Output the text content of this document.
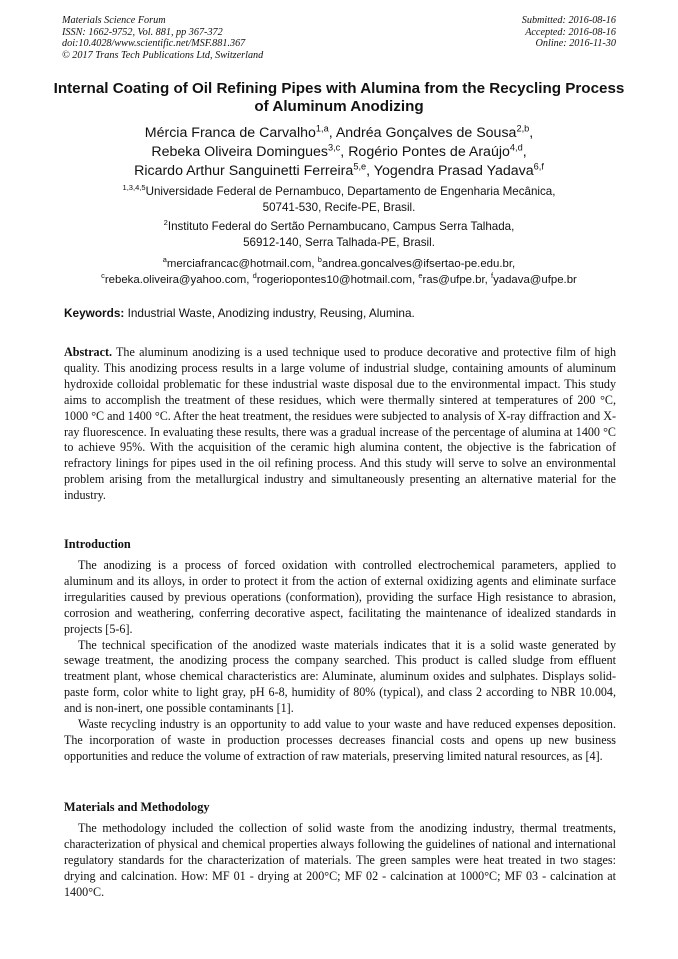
Materials Science Forum
ISSN: 1662-9752, Vol. 881, pp 367-372
doi:10.4028/www.scientific.net/MSF.881.367
© 2017 Trans Tech Publications Ltd, Switzerland
Submitted: 2016-08-16
Accepted: 2016-08-16
Online: 2016-11-30
Internal Coating of Oil Refining Pipes with Alumina from the Recycling Process of Aluminum Anodizing
Mércia Franca de Carvalho$^{1,a}$, Andréa Gonçalves de Sousa$^{2,b}$,
Rebeka Oliveira Domingues$^{3,c}$, Rogério Pontes de Araújo$^{4,d}$,
Ricardo Arthur Sanguinetti Ferreira$^{5,e}$, Yogendra Prasad Yadava$^{6,f}$
$^{1,3,4,5}$Universidade Federal de Pernambuco, Departamento de Engenharia Mecânica,
50741-530, Recife-PE, Brasil.
$^2$Instituto Federal do Sertão Pernambucano, Campus Serra Talhada,
56912-140, Serra Talhada-PE, Brasil.
$^a$merciafrancac@hotmail.com, $^b$andrea.goncalves@ifsertao-pe.edu.br,
$^c$rebeka.oliveira@yahoo.com, $^d$rogeriopontes10@hotmail.com, $^e$ras@ufpe.br, $^f$yadava@ufpe.br
Keywords: Industrial Waste, Anodizing industry, Reusing, Alumina.

Abstract. The aluminum anodizing is a used technique used to produce decorative and protective film of high quality. This anodizing process results in a large volume of industrial sludge, containing amounts of aluminum hydroxide colloidal problematic for these industrial waste disposal due to the environmental impact. This study aims to accomplish the treatment of these residues, which were thermally sintered at temperatures of 200 °C, 1000 °C and 1400 °C. After the heat treatment, the residues were subjected to analysis of X-ray diffraction and X-ray fluorescence. In evaluating these results, there was a gradual increase of the percentage of alumina at 1400 °C to achieve 95%. With the acquisition of the ceramic high alumina content, the objective is the fabrication of refractory linings for pipes used in the oil refining process. And this study will serve to solve an environmental problem arising from the metallurgical industry and simultaneously presenting an alternative material for the industry.

Introduction

The anodizing is a process of forced oxidation with controlled electrochemical parameters, applied to aluminum and its alloys, in order to protect it from the action of external oxidizing agents and eliminate surface irregularities caused by previous operations (conformation), providing the surface High resistance to abrasion, corrosion and weathering, conferring decorative aspect, facilitating the maintenance of idealized standards in projects [5-6].

The technical specification of the anodized waste materials indicates that it is a solid waste generated by sewage treatment, the anodizing process the company searched. This product is called sludge from effluent treatment plant, whose chemical characteristics are: Aluminate, aluminum oxides and sulphates. Displays solid-paste form, color white to light gray, pH 6-8, humidity of 80% (typical), and class 2 according to NBR 10.004, and is non-inert, one possible contaminants [1].

Waste recycling industry is an opportunity to add value to your waste and have reduced expenses deposition. The incorporation of waste in production processes decreases financial costs and opens up new business opportunities and reduce the volume of extraction of raw materials, preserving limited natural resources, as [4].

Materials and Methodology

The methodology included the collection of solid waste from the anodizing industry, thermal treatments, characterization of physical and chemical properties always following the guidelines of national and international regulatory standards for the characterization of materials. The green samples were heat treated in two stages: drying and calcination. How: MF 01 - drying at 200°C; MF 02 - calcination at 1000°C; MF 03 - calcination at 1400°C.
